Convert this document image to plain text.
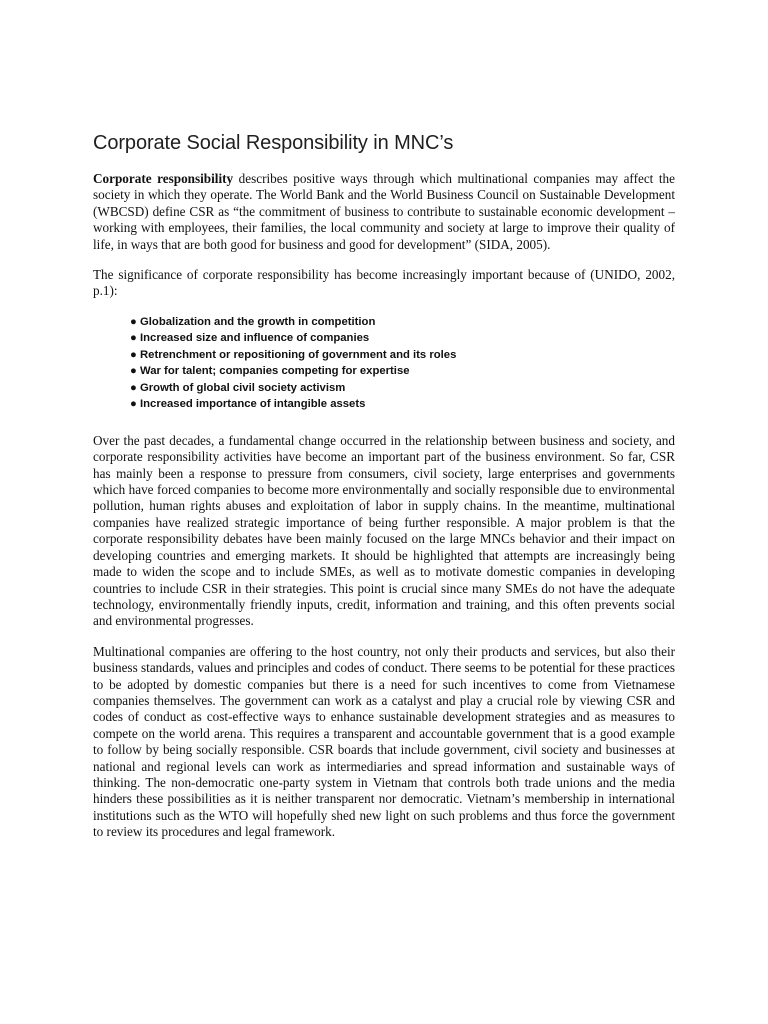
Corporate Social Responsibility in MNC’s

Corporate responsibility describes positive ways through which multinational companies may affect the society in which they operate. The World Bank and the World Business Council on Sustainable Development (WBCSD) define CSR as “the commitment of business to contribute to sustainable economic development – working with employees, their families, the local community and society at large to improve their quality of life, in ways that are both good for business and good for development” (SIDA, 2005).

The significance of corporate responsibility has become increasingly important because of (UNIDO, 2002, p.1):

● Globalization and the growth in competition
● Increased size and influence of companies
● Retrenchment or repositioning of government and its roles
● War for talent; companies competing for expertise
● Growth of global civil society activism
● Increased importance of intangible assets

Over the past decades, a fundamental change occurred in the relationship between business and society, and corporate responsibility activities have become an important part of the business environment. So far, CSR has mainly been a response to pressure from consumers, civil society, large enterprises and governments which have forced companies to become more environmentally and socially responsible due to environmental pollution, human rights abuses and exploitation of labor in supply chains. In the meantime, multinational companies have realized strategic importance of being further responsible. A major problem is that the corporate responsibility debates have been mainly focused on the large MNCs behavior and their impact on developing countries and emerging markets. It should be highlighted that attempts are increasingly being made to widen the scope and to include SMEs, as well as to motivate domestic companies in developing countries to include CSR in their strategies. This point is crucial since many SMEs do not have the adequate technology, environmentally friendly inputs, credit, information and training, and this often prevents social and environmental progresses.

Multinational companies are offering to the host country, not only their products and services, but also their business standards, values and principles and codes of conduct. There seems to be potential for these practices to be adopted by domestic companies but there is a need for such incentives to come from Vietnamese companies themselves. The government can work as a catalyst and play a crucial role by viewing CSR and codes of conduct as cost-effective ways to enhance sustainable development strategies and as measures to compete on the world arena. This requires a transparent and accountable government that is a good example to follow by being socially responsible. CSR boards that include government, civil society and businesses at national and regional levels can work as intermediaries and spread information and sustainable ways of thinking. The non-democratic one-party system in Vietnam that controls both trade unions and the media hinders these possibilities as it is neither transparent nor democratic. Vietnam’s membership in international institutions such as the WTO will hopefully shed new light on such problems and thus force the government to review its procedures and legal framework.
